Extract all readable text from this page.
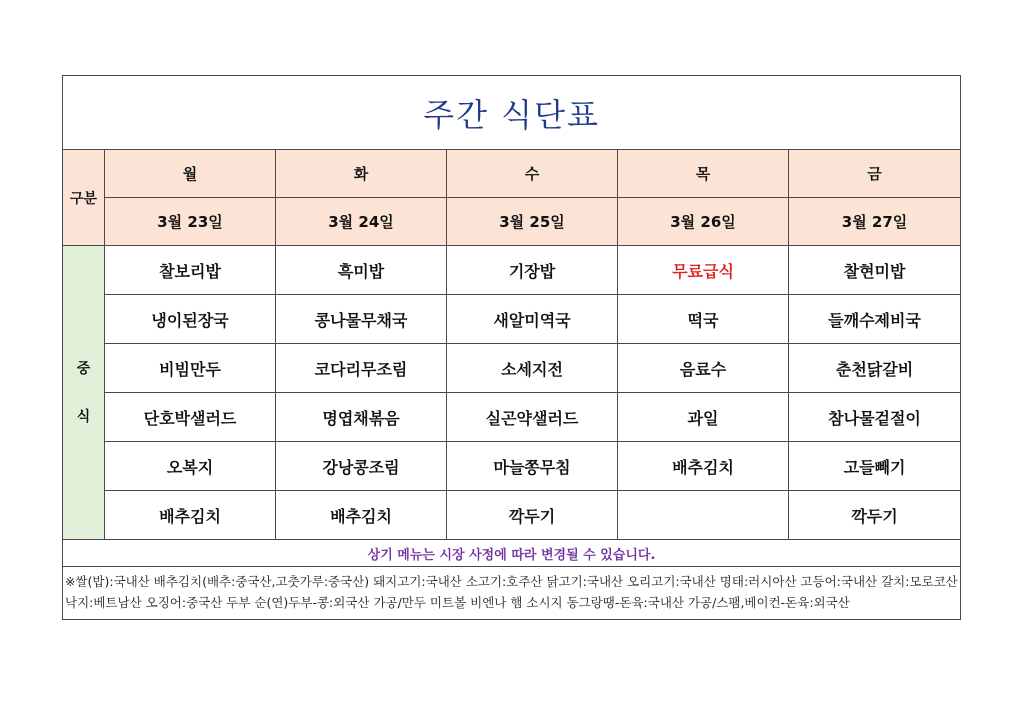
주간 식단표					
구분	월	화	수	목	금
	3월 23일	3월 24일	3월 25일	3월 26일	3월 27일

중
식	찰보리밥	흑미밥	기장밥	무료급식	찰현미밥
	냉이된장국	콩나물무채국	새알미역국	떡국	들깨수제비국
	비빔만두	코다리무조림	소세지전	음료수	춘천닭갈비
	단호박샐러드	명엽채볶음	실곤약샐러드	과일	참나물겉절이
	오복지	강낭콩조림	마늘쫑무침	배추김치	고들빼기
	배추김치	배추김치	깍두기		깍두기
상기 메뉴는 시장 사정에 따라 변경될 수 있습니다.					
※쌀(밥):국내산 배추김치(배추:중국산,고춧가루:중국산) 돼지고기:국내산 소고기:호주산 닭고기:국내산 오리고기:국내산 명태:러시아산 고등어:국내산 갈치:모로코산 낙지:베트남산 오징어:중국산 두부 순(연)두부-콩:외국산 가공/만두 미트볼 비엔나 햄 소시지 동그랑땡-돈육:국내산 가공/스팸,베이컨-돈육:외국산					
